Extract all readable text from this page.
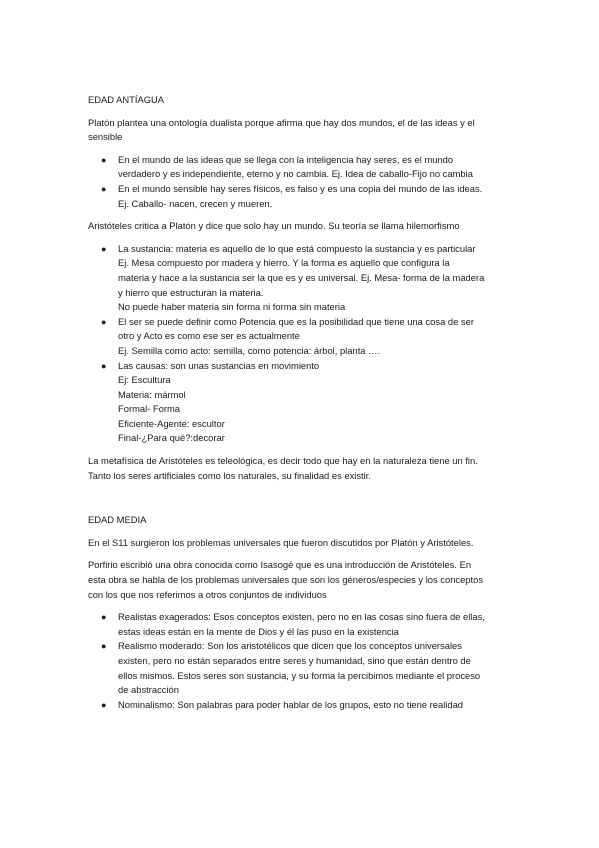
EDAD ANTÍAGUA

Platón plantea una ontología dualista porque afirma que hay dos mundos, el de las ideas y el
sensible

● En el mundo de las ideas que se llega con la inteligencia hay seres, es el mundo
verdadero y es independiente, eterno y no cambia. Ej. Idea de caballo-Fijo no cambia
● En el mundo sensible hay seres físicos, es falso y es una copia del mundo de las ideas.
Ej. Caballo- nacen, crecen y mueren.

Aristóteles critica a Platón y dice que solo hay un mundo. Su teoría se llama hilemorfismo

● La sustancia: materia es aquello de lo que está compuesto la sustancia y es particular
Ej. Mesa compuesto por madera y hierro. Y la forma es aquello que configura la
materia y hace a la sustancia ser la que es y es universal. Ej. Mesa- forma de la madera
y hierro que estructuran la materia.
No puede haber materia sin forma ni forma sin materia
● El ser se puede definir como Potencia que es la posibilidad que tiene una cosa de ser
otro y Acto es como ese ser es actualmente
Ej. Semilla como acto: semilla, como potencia: árbol, planta ….
● Las causas: son unas sustancias en movimiento
Ej: Escultura
Materia: mármol
Formal- Forma
Eficiente-Agente: escultor
Final-¿Para qué?:decorar

La metafísica de Aristóteles es teleológica, es decir todo que hay en la naturaleza tiene un fin.
Tanto los seres artificiales como los naturales, su finalidad es existir.

EDAD MEDIA

En el S11 surgieron los problemas universales que fueron discutidos por Platón y Aristóteles.

Porfirio escribió una obra conocida como Isasogé que es una introducción de Aristóteles. En
esta obra se habla de los problemas universales que son los géneros/especies y los conceptos
con los que nos referimos a otros conjuntos de individuos

● Realistas exagerados: Esos conceptos existen, pero no en las cosas sino fuera de ellas,
estas ideas están en la mente de Dios y él las puso en la existencia
● Realismo moderado: Son los aristotélicos que dicen que los conceptos universales
existen, pero no están separados entre seres y humanidad, sino que están dentro de
ellos mismos. Estos seres son sustancia, y su forma la percibimos mediante el proceso
de abstracción
● Nominalismo: Son palabras para poder hablar de los grupos, esto no tiene realidad
